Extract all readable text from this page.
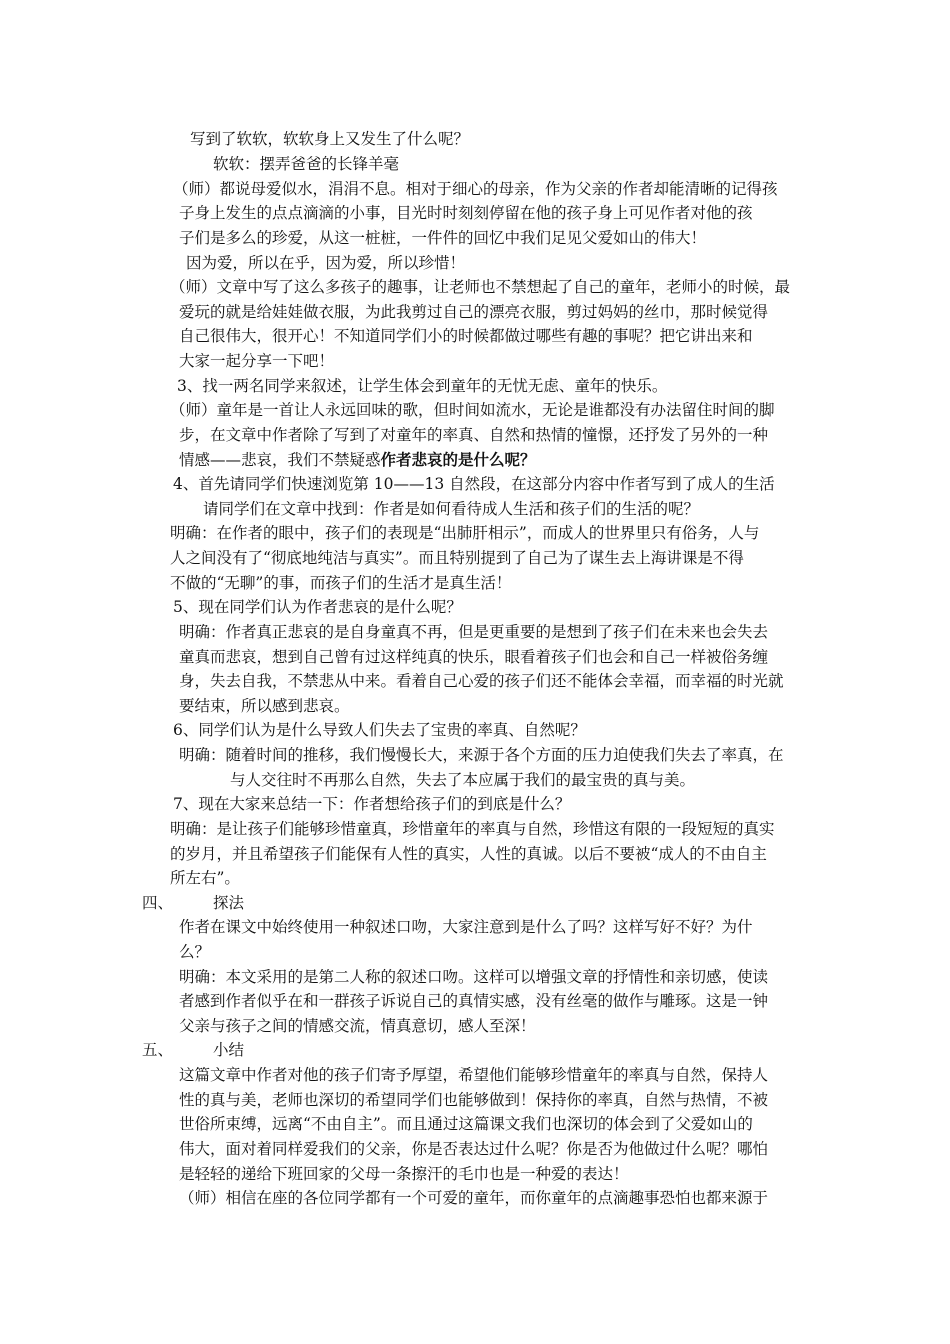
写到了软软，软软身上又发生了什么呢？
软软：摆弄爸爸的长锋羊毫
（师）都说母爱似水，涓涓不息。相对于细心的母亲，作为父亲的作者却能清晰的记得孩
子身上发生的点点滴滴的小事，目光时时刻刻停留在他的孩子身上可见作者对他的孩
子们是多么的珍爱，从这一桩桩，一件件的回忆中我们足见父爱如山的伟大！
因为爱，所以在乎，因为爱，所以珍惜！
（师）文章中写了这么多孩子的趣事，让老师也不禁想起了自己的童年，老师小的时候，最
爱玩的就是给娃娃做衣服，为此我剪过自己的漂亮衣服，剪过妈妈的丝巾，那时候觉得
自己很伟大，很开心！不知道同学们小的时候都做过哪些有趣的事呢？把它讲出来和
大家一起分享一下吧！
3、找一两名同学来叙述，让学生体会到童年的无忧无虑、童年的快乐。
（师）童年是一首让人永远回味的歌，但时间如流水，无论是谁都没有办法留住时间的脚
步，在文章中作者除了写到了对童年的率真、自然和热情的憧憬，还抒发了另外的一种
情感——悲哀，我们不禁疑惑作者悲哀的是什么呢？
4、首先请同学们快速浏览第 10——13 自然段，在这部分内容中作者写到了成人的生活
请同学们在文章中找到：作者是如何看待成人生活和孩子们的生活的呢？
明确：在作者的眼中，孩子们的表现是“出肺肝相示”，而成人的世界里只有俗务，人与
人之间没有了“彻底地纯洁与真实”。而且特别提到了自己为了谋生去上海讲课是不得
不做的“无聊”的事，而孩子们的生活才是真生活！
5、现在同学们认为作者悲哀的是什么呢？
明确：作者真正悲哀的是自身童真不再，但是更重要的是想到了孩子们在未来也会失去
童真而悲哀，想到自己曾有过这样纯真的快乐，眼看着孩子们也会和自己一样被俗务缠
身，失去自我，不禁悲从中来。看着自己心爱的孩子们还不能体会幸福，而幸福的时光就
要结束，所以感到悲哀。
6、同学们认为是什么导致人们失去了宝贵的率真、自然呢？
明确：随着时间的推移，我们慢慢长大，来源于各个方面的压力迫使我们失去了率真，在
与人交往时不再那么自然，失去了本应属于我们的最宝贵的真与美。
7、现在大家来总结一下：作者想给孩子们的到底是什么？
明确：是让孩子们能够珍惜童真，珍惜童年的率真与自然，珍惜这有限的一段短短的真实
的岁月，并且希望孩子们能保有人性的真实，人性的真诚。以后不要被“成人的不由自主
所左右”。
四、	探法
作者在课文中始终使用一种叙述口吻，大家注意到是什么了吗？这样写好不好？为什
么？
明确：本文采用的是第二人称的叙述口吻。这样可以增强文章的抒情性和亲切感，使读
者感到作者似乎在和一群孩子诉说自己的真情实感，没有丝毫的做作与雕琢。这是一钟
父亲与孩子之间的情感交流，情真意切，感人至深！
五、	小结
这篇文章中作者对他的孩子们寄予厚望，希望他们能够珍惜童年的率真与自然，保持人
性的真与美，老师也深切的希望同学们也能够做到！保持你的率真，自然与热情，不被
世俗所束缚，远离“不由自主”。而且通过这篇课文我们也深切的体会到了父爱如山的
伟大，面对着同样爱我们的父亲，你是否表达过什么呢？你是否为他做过什么呢？哪怕
是轻轻的递给下班回家的父母一条擦汗的毛巾也是一种爱的表达！
（师）相信在座的各位同学都有一个可爱的童年，而你童年的点滴趣事恐怕也都来源于
